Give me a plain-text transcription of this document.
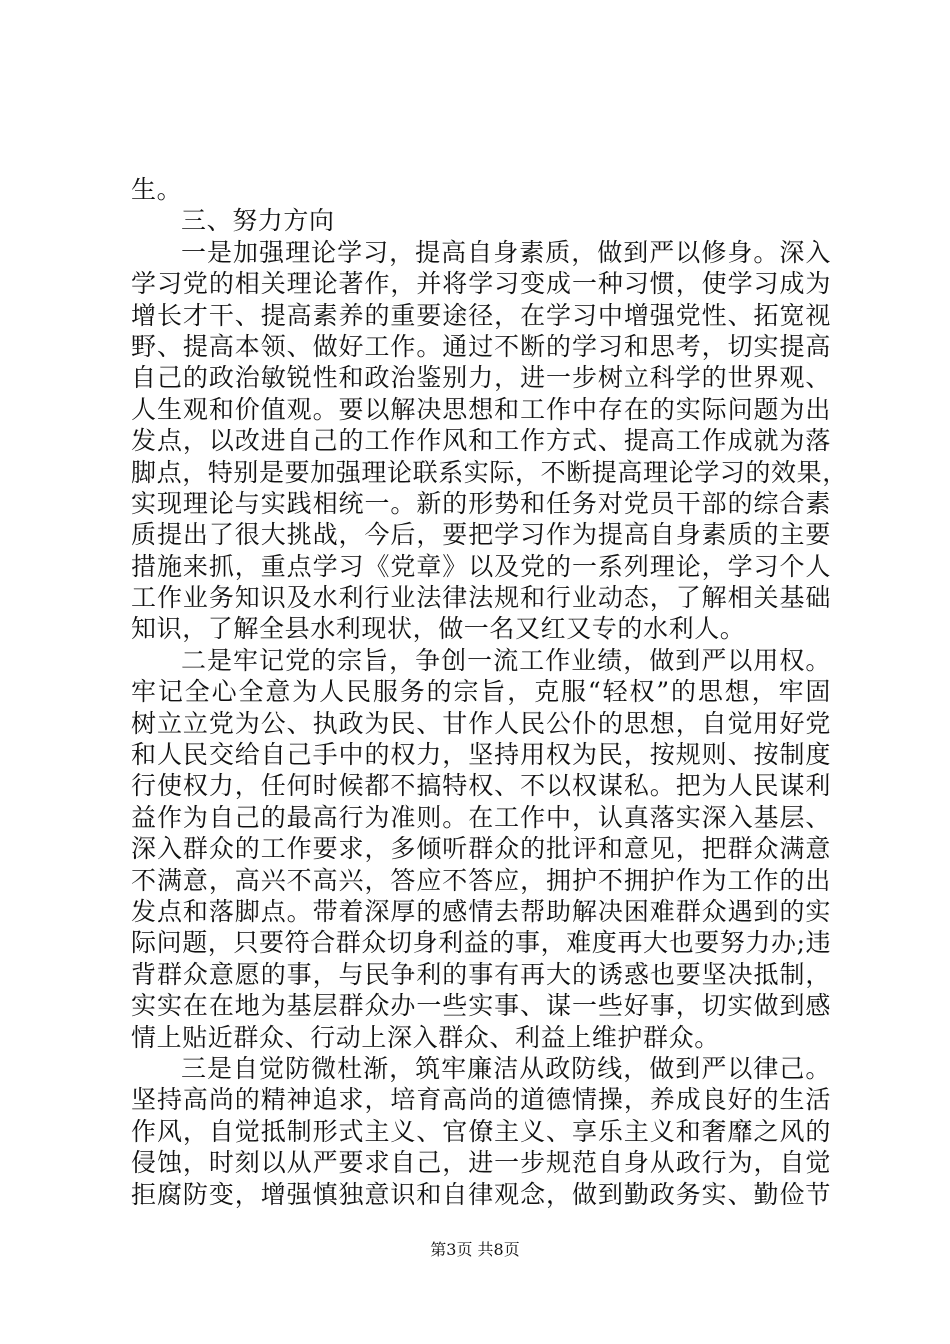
生。
三、努力方向
一是加强理论学习，提高自身素质，做到严以修身。深入
学习党的相关理论著作，并将学习变成一种习惯，使学习成为
增长才干、提高素养的重要途径，在学习中增强党性、拓宽视
野、提高本领、做好工作。通过不断的学习和思考，切实提高
自己的政治敏锐性和政治鉴别力，进一步树立科学的世界观、
人生观和价值观。要以解决思想和工作中存在的实际问题为出
发点，以改进自己的工作作风和工作方式、提高工作成就为落
脚点，特别是要加强理论联系实际，不断提高理论学习的效果，
实现理论与实践相统一。新的形势和任务对党员干部的综合素
质提出了很大挑战，今后，要把学习作为提高自身素质的主要
措施来抓，重点学习《党章》以及党的一系列理论，学习个人
工作业务知识及水利行业法律法规和行业动态，了解相关基础
知识，了解全县水利现状，做一名又红又专的水利人。
二是牢记党的宗旨，争创一流工作业绩，做到严以用权。
牢记全心全意为人民服务的宗旨，克服“轻权”的思想，牢固
树立立党为公、执政为民、甘作人民公仆的思想，自觉用好党
和人民交给自己手中的权力，坚持用权为民，按规则、按制度
行使权力，任何时候都不搞特权、不以权谋私。把为人民谋利
益作为自己的最高行为准则。在工作中，认真落实深入基层、
深入群众的工作要求，多倾听群众的批评和意见，把群众满意
不满意，高兴不高兴，答应不答应，拥护不拥护作为工作的出
发点和落脚点。带着深厚的感情去帮助解决困难群众遇到的实
际问题，只要符合群众切身利益的事，难度再大也要努力办;违
背群众意愿的事，与民争利的事有再大的诱惑也要坚决抵制，
实实在在地为基层群众办一些实事、谋一些好事，切实做到感
情上贴近群众、行动上深入群众、利益上维护群众。
三是自觉防微杜渐，筑牢廉洁从政防线，做到严以律己。
坚持高尚的精神追求，培育高尚的道德情操，养成良好的生活
作风，自觉抵制形式主义、官僚主义、享乐主义和奢靡之风的
侵蚀，时刻以从严要求自己，进一步规范自身从政行为，自觉
拒腐防变，增强慎独意识和自律观念，做到勤政务实、勤俭节
第3页 共8页
